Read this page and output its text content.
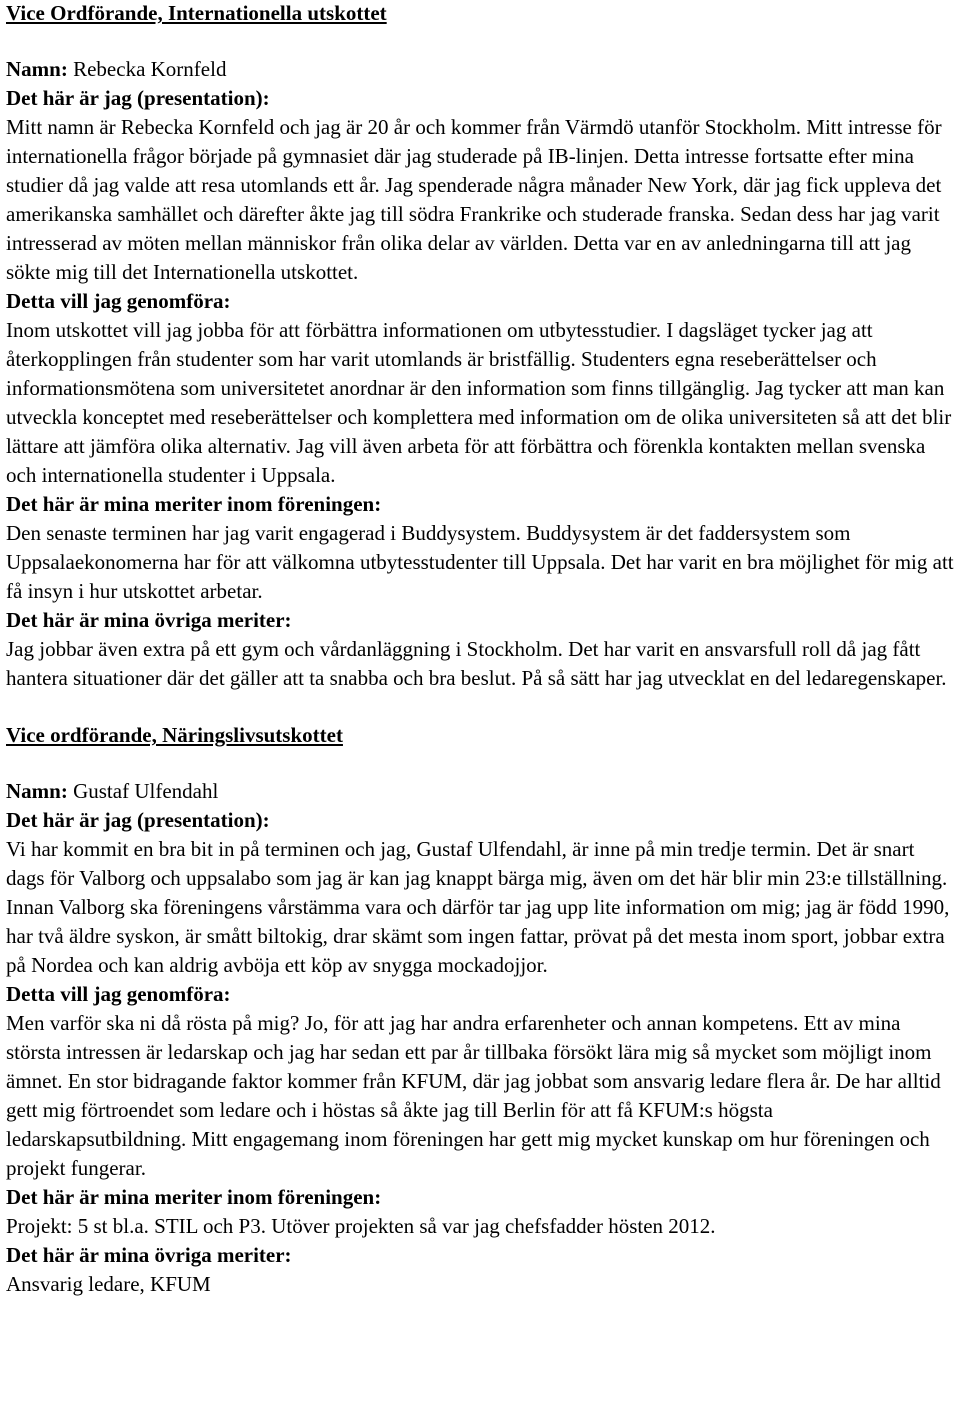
Vice Ordförande, Internationella utskottet

Namn: Rebecka Kornfeld

Det här är jag (presentation):

Mitt namn är Rebecka Kornfeld och jag är 20 år och kommer från Värmdö utanför Stockholm. Mitt intresse för internationella frågor började på gymnasiet där jag studerade på IB-linjen. Detta intresse fortsatte efter mina studier då jag valde att resa utomlands ett år. Jag spenderade några månader New York, där jag fick uppleva det amerikanska samhället och därefter åkte jag till södra Frankrike och studerade franska. Sedan dess har jag varit intresserad av möten mellan människor från olika delar av världen. Detta var en av anledningarna till att jag sökte mig till det Internationella utskottet.

Detta vill jag genomföra:

Inom utskottet vill jag jobba för att förbättra informationen om utbytesstudier. I dagsläget tycker jag att återkopplingen från studenter som har varit utomlands är bristfällig. Studenters egna reseberättelser och informationsmötena som universitetet anordnar är den information som finns tillgänglig. Jag tycker att man kan utveckla konceptet med reseberättelser och komplettera med information om de olika universiteten så att det blir lättare att jämföra olika alternativ. Jag vill även arbeta för att förbättra och förenkla kontakten mellan svenska och internationella studenter i Uppsala.

Det här är mina meriter inom föreningen:

Den senaste terminen har jag varit engagerad i Buddysystem. Buddysystem är det faddersystem som Uppsalaekonomerna har för att välkomna utbytesstudenter till Uppsala. Det har varit en bra möjlighet för mig att få insyn i hur utskottet arbetar.

Det här är mina övriga meriter:

Jag jobbar även extra på ett gym och vårdanläggning i Stockholm. Det har varit en ansvarsfull roll då jag fått hantera situationer där det gäller att ta snabba och bra beslut. På så sätt har jag utvecklat en del ledaregenskaper.

Vice ordförande, Näringslivsutskottet

Namn: Gustaf Ulfendahl

Det här är jag (presentation):

Vi har kommit en bra bit in på terminen och jag, Gustaf Ulfendahl, är inne på min tredje termin. Det är snart dags för Valborg och uppsalabo som jag är kan jag knappt bärga mig, även om det här blir min 23:e tillställning. Innan Valborg ska föreningens vårstämma vara och därför tar jag upp lite information om mig; jag är född 1990, har två äldre syskon, är smått biltokig, drar skämt som ingen fattar, prövat på det mesta inom sport, jobbar extra på Nordea och kan aldrig avböja ett köp av snygga mockadojjor.

Detta vill jag genomföra:

Men varför ska ni då rösta på mig? Jo, för att jag har andra erfarenheter och annan kompetens. Ett av mina största intressen är ledarskap och jag har sedan ett par år tillbaka försökt lära mig så mycket som möjligt inom ämnet. En stor bidragande faktor kommer från KFUM, där jag jobbat som ansvarig ledare flera år. De har alltid gett mig förtroendet som ledare och i höstas så åkte jag till Berlin för att få KFUM:s högsta ledarskapsutbildning. Mitt engagemang inom föreningen har gett mig mycket kunskap om hur föreningen och projekt fungerar.

Det här är mina meriter inom föreningen:

Projekt: 5 st bl.a. STIL och P3. Utöver projekten så var jag chefsfadder hösten 2012.

Det här är mina övriga meriter:

Ansvarig ledare, KFUM
